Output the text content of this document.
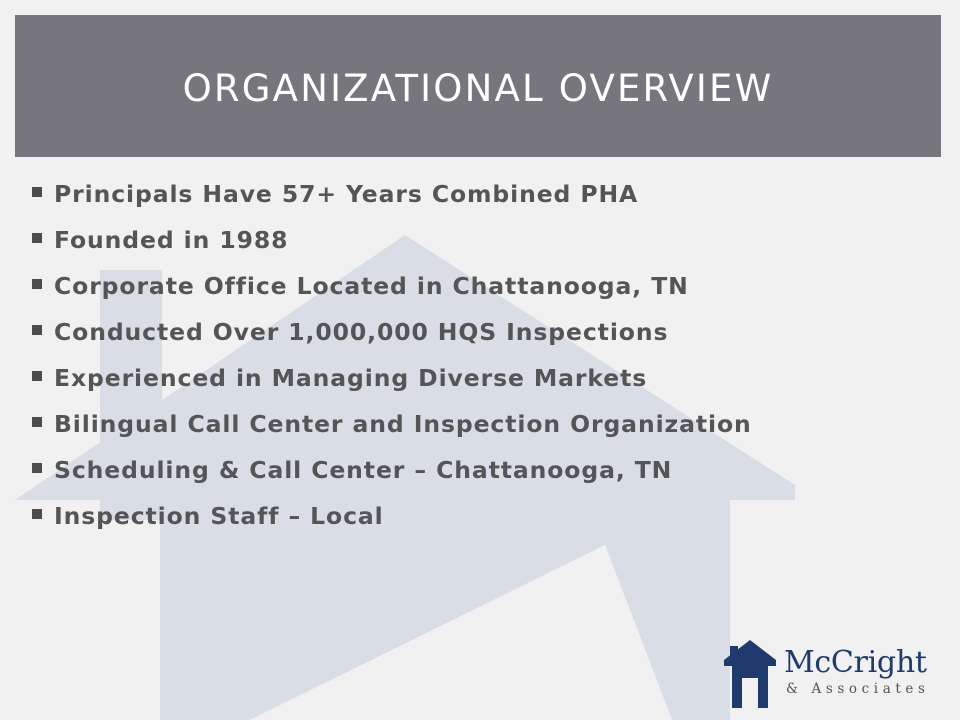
ORGANIZATIONAL OVERVIEW
Principals Have 57+ Years Combined PHA
Founded in 1988
Corporate Office Located in Chattanooga, TN
Conducted Over 1,000,000 HQS Inspections
Experienced in Managing Diverse Markets
Bilingual Call Center and Inspection Organization
Scheduling & Call Center – Chattanooga, TN
Inspection Staff – Local
McCright
& Associates
